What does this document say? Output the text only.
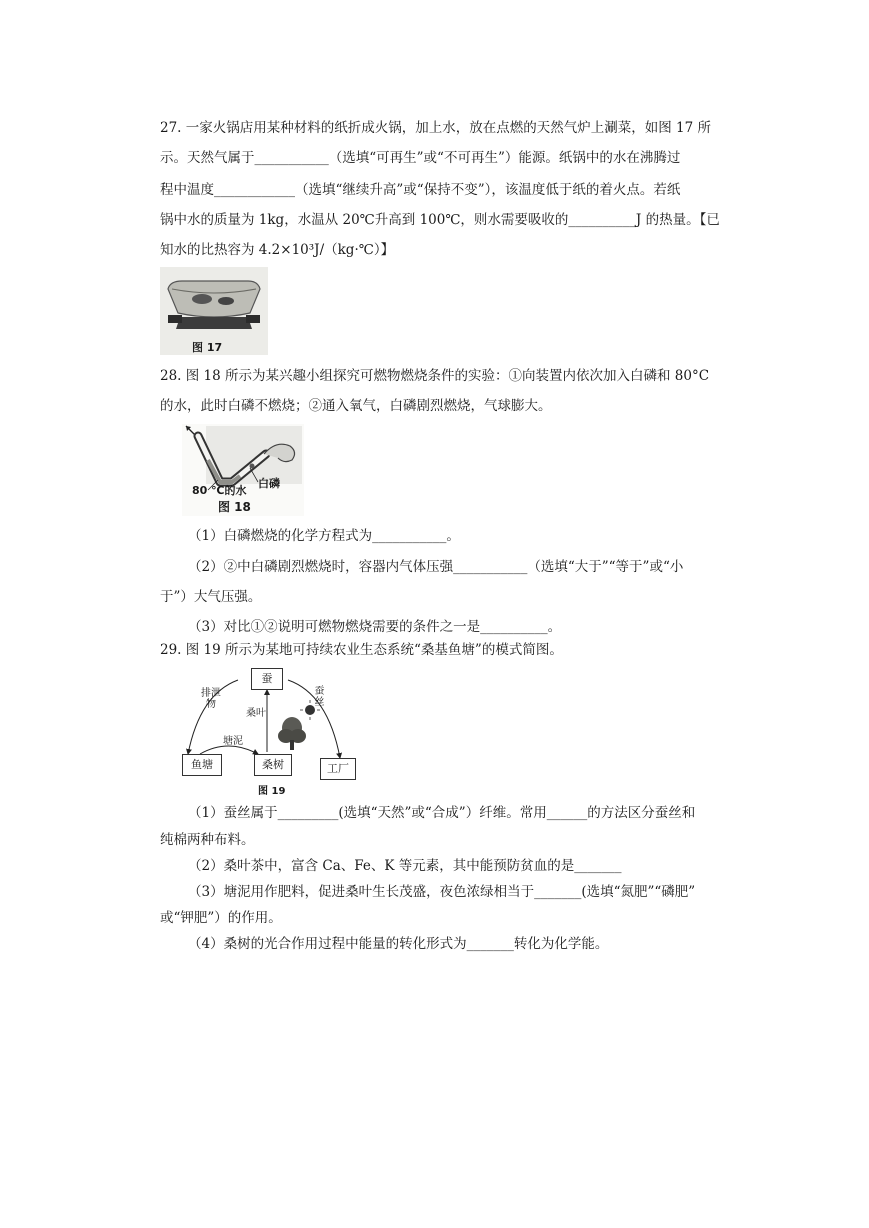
27. 一家火锅店用某种材料的纸折成火锅，加上水，放在点燃的天然气炉上涮菜，如图 17 所
示。天然气属于___________（选填“可再生”或“不可再生”）能源。纸锅中的水在沸腾过
程中温度____________（选填“继续升高”或“保持不变”），该温度低于纸的着火点。若纸
锅中水的质量为 1kg，水温从 20℃升高到 100℃，则水需要吸收的__________J 的热量。【已
知水的比热容为 4.2×10³J/（kg·℃）】
图 17
28. 图 18 所示为某兴趣小组探究可燃物燃烧条件的实验：①向装置内依次加入白磷和 80°C
的水，此时白磷不燃烧；②通入氧气，白磷剧烈燃烧，气球膨大。
80 ℃的水
白磷
图 18
（1）白磷燃烧的化学方程式为___________。
（2）②中白磷剧烈燃烧时，容器内气体压强___________（选填“大于”“等于”或“小
于”）大气压强。
（3）对比①②说明可燃物燃烧需要的条件之一是__________。
29. 图 19 所示为某地可持续农业生态系统“桑基鱼塘”的模式简图。
蚕
鱼塘	桑树	工厂
排泄物
桑叶
塘泥
蚕丝
图 19
（1）蚕丝属于_________(选填“天然”或“合成”）纤维。常用______的方法区分蚕丝和
纯棉两种布料。
（2）桑叶茶中，富含 Ca、Fe、K 等元素，其中能预防贫血的是_______
（3）塘泥用作肥料，促进桑叶生长茂盛，夜色浓绿相当于_______(选填“氮肥”“磷肥”
或“钾肥”）的作用。
（4）桑树的光合作用过程中能量的转化形式为_______转化为化学能。
